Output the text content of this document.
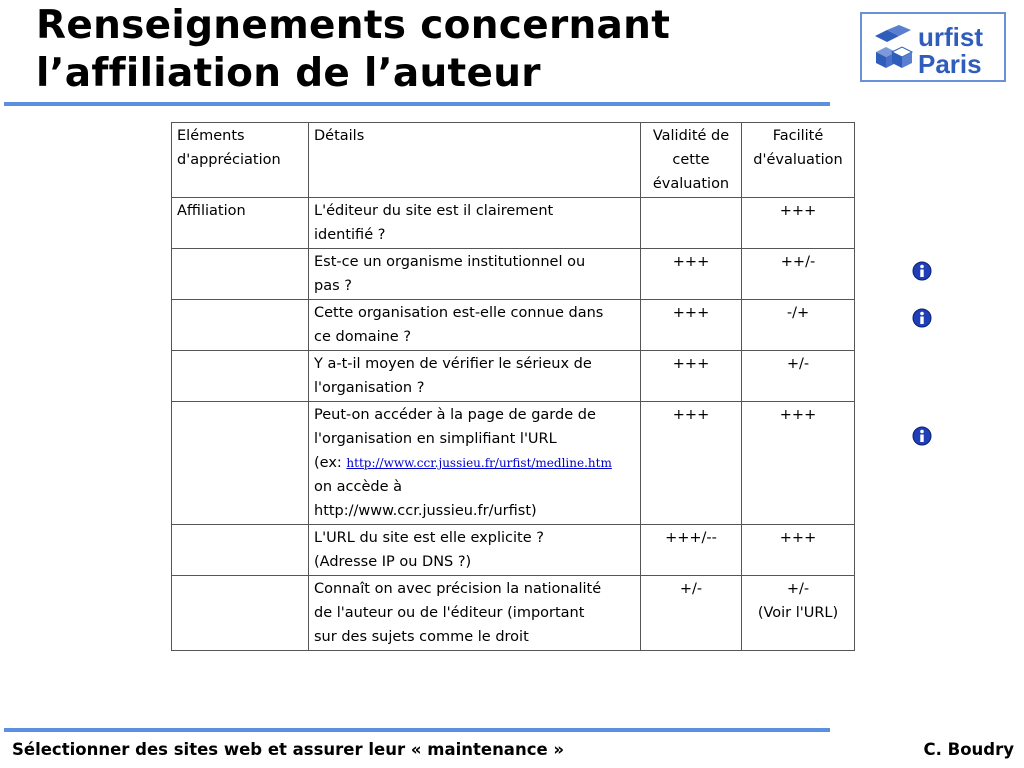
Renseignements concernant
l’affiliation de l’auteur
urfist
Paris
Eléments
d'appréciation	Détails	Validité de
cette
évaluation	Facilité
d'évaluation
Affiliation	L'éditeur du site est il clairement
identifié ?		+++
	Est-ce un organisme institutionnel ou
pas ?	+++	++/-
	Cette organisation est-elle connue dans
ce domaine ?	+++	-/+
	Y a-t-il moyen de vérifier le sérieux de
l'organisation ?	+++	+/-
	Peut-on accéder à la page de garde de
l'organisation en simplifiant l'URL
(ex: http://www.ccr.jussieu.fr/urfist/medline.htm
on accède à
http://www.ccr.jussieu.fr/urfist)	+++	+++
	L'URL du site est elle explicite ?
(Adresse IP ou DNS ?)	+++/--	+++
	Connaît on avec précision la nationalité
de l'auteur ou de l'éditeur (important
sur des sujets comme le droit	+/-	+/-
(Voir l'URL)
Sélectionner des sites web et assurer leur « maintenance »	C. Boudry
